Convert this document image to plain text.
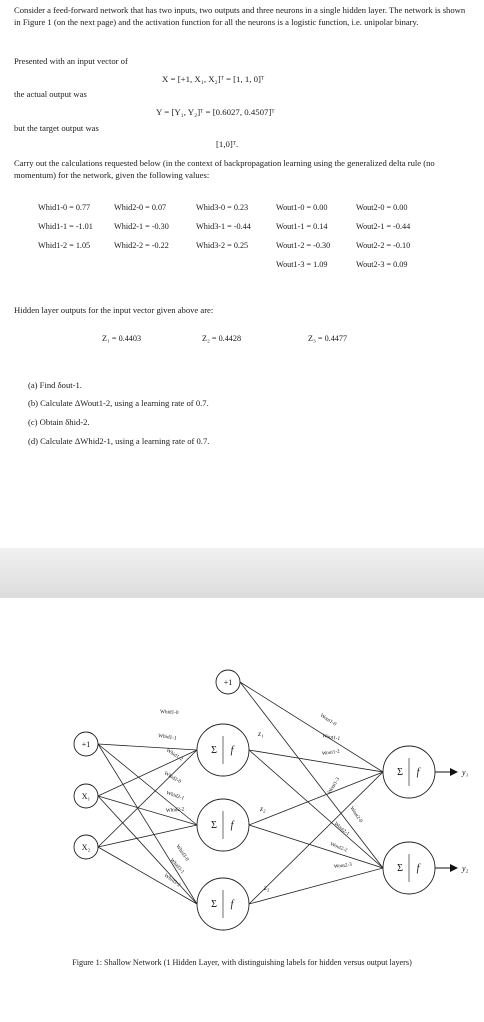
Consider a feed-forward network that has two inputs, two outputs and three neurons in a single hidden layer. The network is shown in Figure 1 (on the next page) and the activation function for all the neurons is a logistic function, i.e. unipolar binary.
Presented with an input vector of
X = [+1, X₁, X₂]ᵀ = [1, 1, 0]ᵀ
the actual output was
Y = [Y₁, Y₂]ᵀ = [0.6027, 0.4507]ᵀ
but the target output was
[1,0]ᵀ.
Carry out the calculations requested below (in the context of backpropagation learning using the generalized delta rule (no momentum) for the network, given the following values:
Whid1-0 = 0.77	Whid2-0 = 0.07	Whid3-0 = 0.23	Wout1-0 = 0.00	Wout2-0 = 0.00
Whid1-1 = -1.01	Whid2-1 = -0.30	Whid3-1 = -0.44	Wout1-1 = 0.14	Wout2-1 = -0.44
Whid1-2 = 1.05	Whid2-2 = -0.22	Whid3-2 = 0.25	Wout1-2 = -0.30	Wout2-2 = -0.10
Wout1-3 = 1.09	Wout2-3 = 0.09
Hidden layer outputs for the input vector given above are:
Z₁ = 0.4403	Z₂ = 0.4428	Z₃ = 0.4477
(a) Find δout-1.
(b) Calculate ΔWout1-2, using a learning rate of 0.7.
(c) Obtain δhid-2.
(d) Calculate ΔWhid2-1, using a learning rate of 0.7.
+1
X₁
X₂
+1
Σ f
Σ f
Σ f
Σ f
Σ f
z₁
z₂
z₃
y₁
y₂
Whid1-0
Whid1-1
Whid1-2
Whid2-0
Whid2-1
Whid2-2
Whid3-0
Whid3-1
Whid3-2
Wout1-0
Wout1-1
Wout1-2
Wout1-3
Wout2-0
Wout2-1
Wout2-2
Wout2-3
Figure 1: Shallow Network (1 Hidden Layer, with distinguishing labels for hidden versus output layers)
